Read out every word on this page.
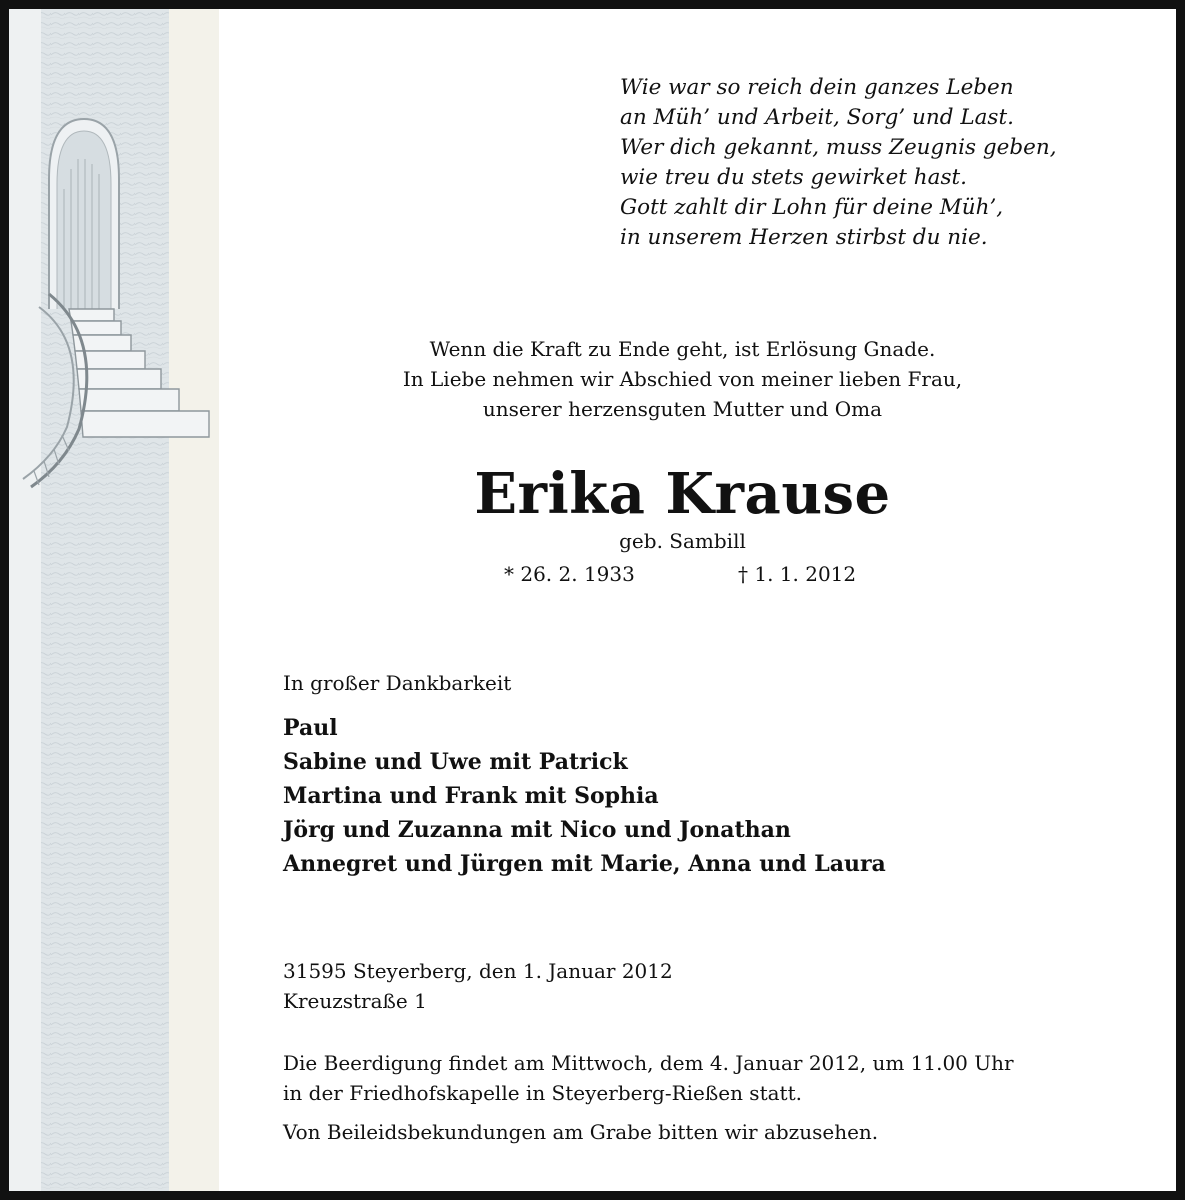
Wie war so reich dein ganzes Leben
an Müh’ und Arbeit, Sorg’ und Last.
Wer dich gekannt, muss Zeugnis geben,
wie treu du stets gewirket hast.
Gott zahlt dir Lohn für deine Müh’,
in unserem Herzen stirbst du nie.
Wenn die Kraft zu Ende geht, ist Erlösung Gnade.
In Liebe nehmen wir Abschied von meiner lieben Frau,
unserer herzensguten Mutter und Oma
Erika Krause
geb. Sambill
* 26. 2. 1933	† 1. 1. 2012
In großer Dankbarkeit
Paul
Sabine und Uwe mit Patrick
Martina und Frank mit Sophia
Jörg und Zuzanna mit Nico und Jonathan
Annegret und Jürgen mit Marie, Anna und Laura
31595 Steyerberg, den 1. Januar 2012
Kreuzstraße 1
Die Beerdigung findet am Mittwoch, dem 4. Januar 2012, um 11.00 Uhr
in der Friedhofskapelle in Steyerberg-Rießen statt.
Von Beileidsbekundungen am Grabe bitten wir abzusehen.
